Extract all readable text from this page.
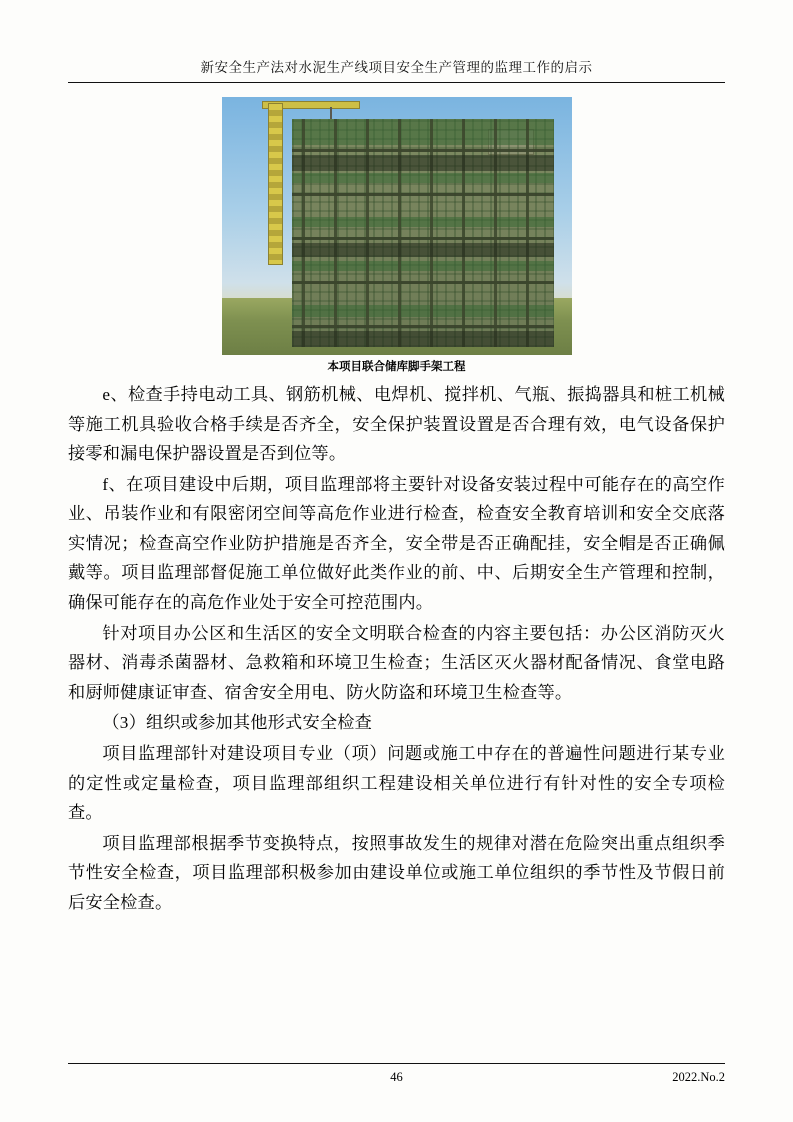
新安全生产法对水泥生产线项目安全生产管理的监理工作的启示
本项目联合储库脚手架工程

e、检查手持电动工具、钢筋机械、电焊机、搅拌机、气瓶、振捣器具和桩工机械等施工机具验收合格手续是否齐全，安全保护装置设置是否合理有效，电气设备保护接零和漏电保护器设置是否到位等。

f、在项目建设中后期，项目监理部将主要针对设备安装过程中可能存在的高空作业、吊装作业和有限密闭空间等高危作业进行检查，检查安全教育培训和安全交底落实情况；检查高空作业防护措施是否齐全，安全带是否正确配挂，安全帽是否正确佩戴等。项目监理部督促施工单位做好此类作业的前、中、后期安全生产管理和控制，确保可能存在的高危作业处于安全可控范围内。

针对项目办公区和生活区的安全文明联合检查的内容主要包括：办公区消防灭火器材、消毒杀菌器材、急救箱和环境卫生检查；生活区灭火器材配备情况、食堂电路和厨师健康证审查、宿舍安全用电、防火防盗和环境卫生检查等。

（3）组织或参加其他形式安全检查

项目监理部针对建设项目专业（项）问题或施工中存在的普遍性问题进行某专业的定性或定量检查，项目监理部组织工程建设相关单位进行有针对性的安全专项检查。

项目监理部根据季节变换特点，按照事故发生的规律对潜在危险突出重点组织季节性安全检查，项目监理部积极参加由建设单位或施工单位组织的季节性及节假日前后安全检查。

46	2022.No.2
